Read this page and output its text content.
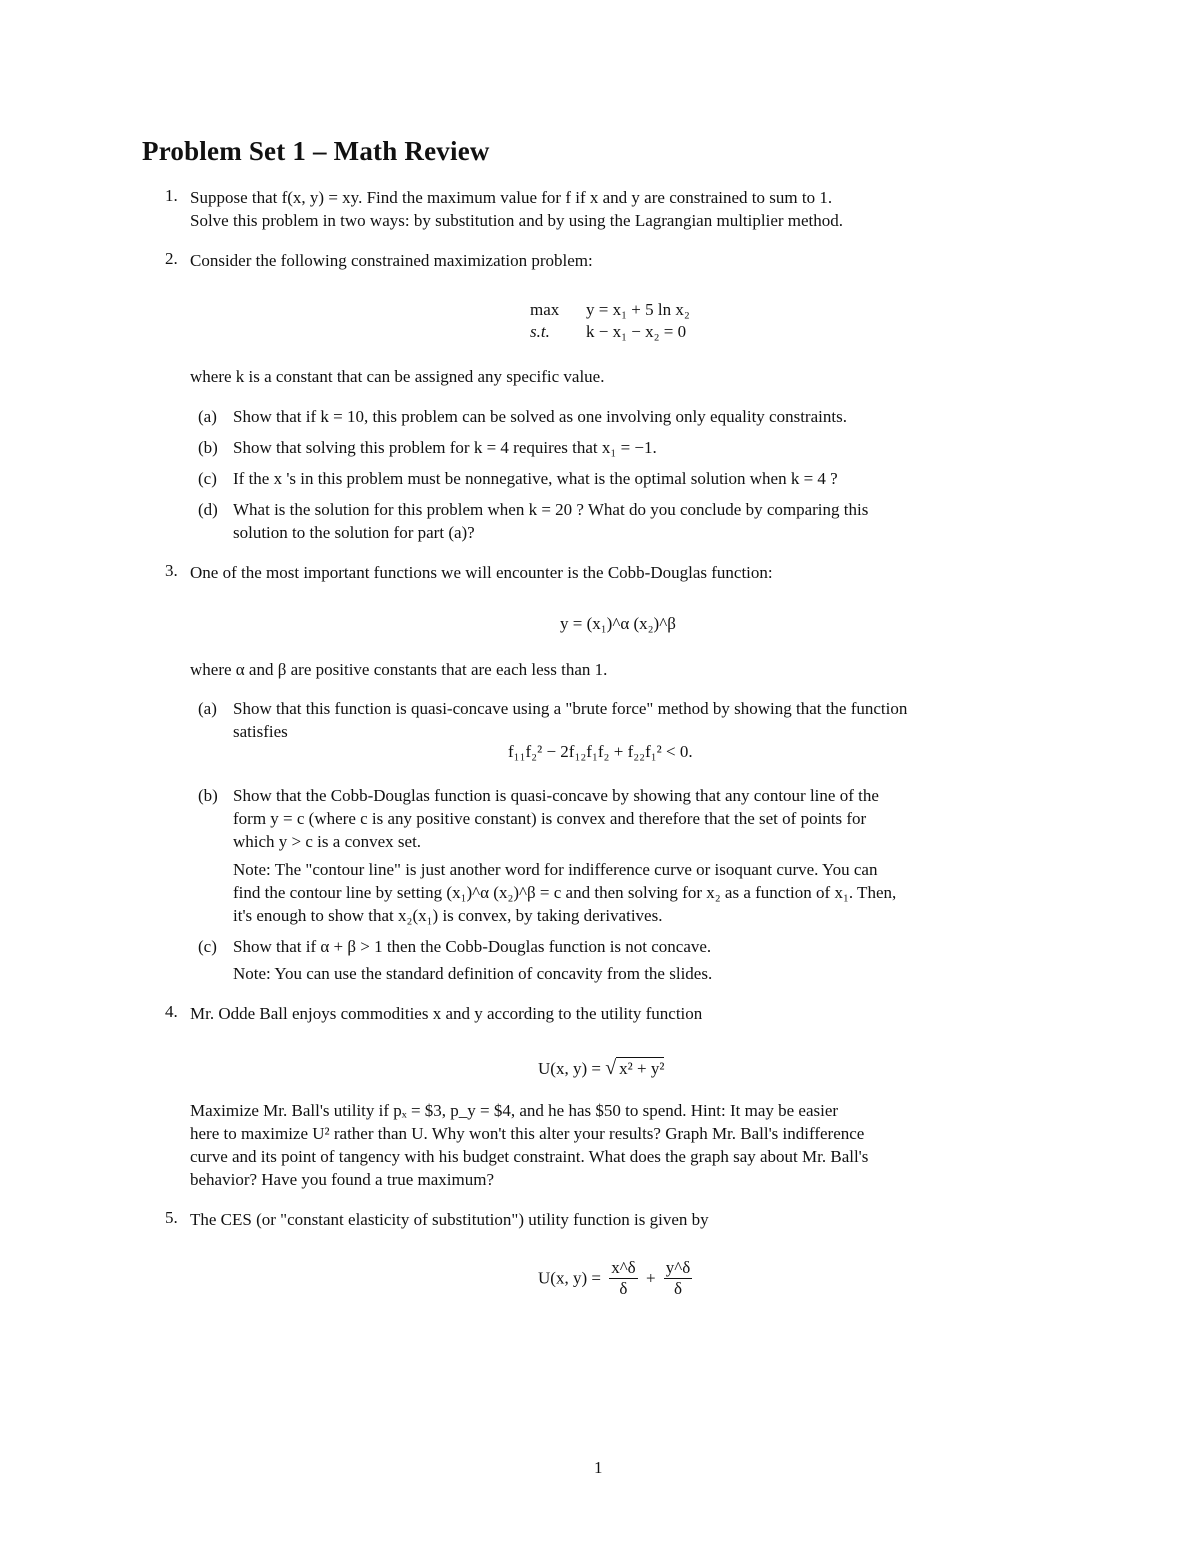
Problem Set 1 – Math Review
1. Suppose that f(x, y) = xy. Find the maximum value for f if x and y are constrained to sum to 1.
Solve this problem in two ways: by substitution and by using the Lagrangian multiplier method.
2. Consider the following constrained maximization problem:
max y = x₁ + 5 ln x₂
s.t. k − x₁ − x₂ = 0
where k is a constant that can be assigned any specific value.
(a) Show that if k = 10, this problem can be solved as one involving only equality constraints.
(b) Show that solving this problem for k = 4 requires that x₁ = −1.
(c) If the x 's in this problem must be nonnegative, what is the optimal solution when k = 4 ?
(d) What is the solution for this problem when k = 20 ? What do you conclude by comparing this
solution to the solution for part (a)?
3. One of the most important functions we will encounter is the Cobb-Douglas function:
y = (x₁)^α (x₂)^β
where α and β are positive constants that are each less than 1.
(a) Show that this function is quasi-concave using a "brute force" method by showing that the function
satisfies
f₁₁f₂² − 2f₁₂f₁f₂ + f₂₂f₁² < 0.
(b) Show that the Cobb-Douglas function is quasi-concave by showing that any contour line of the
form y = c (where c is any positive constant) is convex and therefore that the set of points for
which y > c is a convex set.
Note: The "contour line" is just another word for indifference curve or isoquant curve. You can
find the contour line by setting (x₁)^α (x₂)^β = c and then solving for x₂ as a function of x₁. Then,
it's enough to show that x₂(x₁) is convex, by taking derivatives.
(c) Show that if α + β > 1 then the Cobb-Douglas function is not concave.
Note: You can use the standard definition of concavity from the slides.
4. Mr. Odde Ball enjoys commodities x and y according to the utility function
U(x, y) = √ x² + y²
Maximize Mr. Ball's utility if pₓ = $3, p_y = $4, and he has $50 to spend. Hint: It may be easier
here to maximize U² rather than U. Why won't this alter your results? Graph Mr. Ball's indifference
curve and its point of tangency with his budget constraint. What does the graph say about Mr. Ball's
behavior? Have you found a true maximum?
5. The CES (or "constant elasticity of substitution") utility function is given by
U(x, $y) = \frac{x\^{}\delta}{\delta} + \frac{y\^{}\delta}{\delta}$
1
